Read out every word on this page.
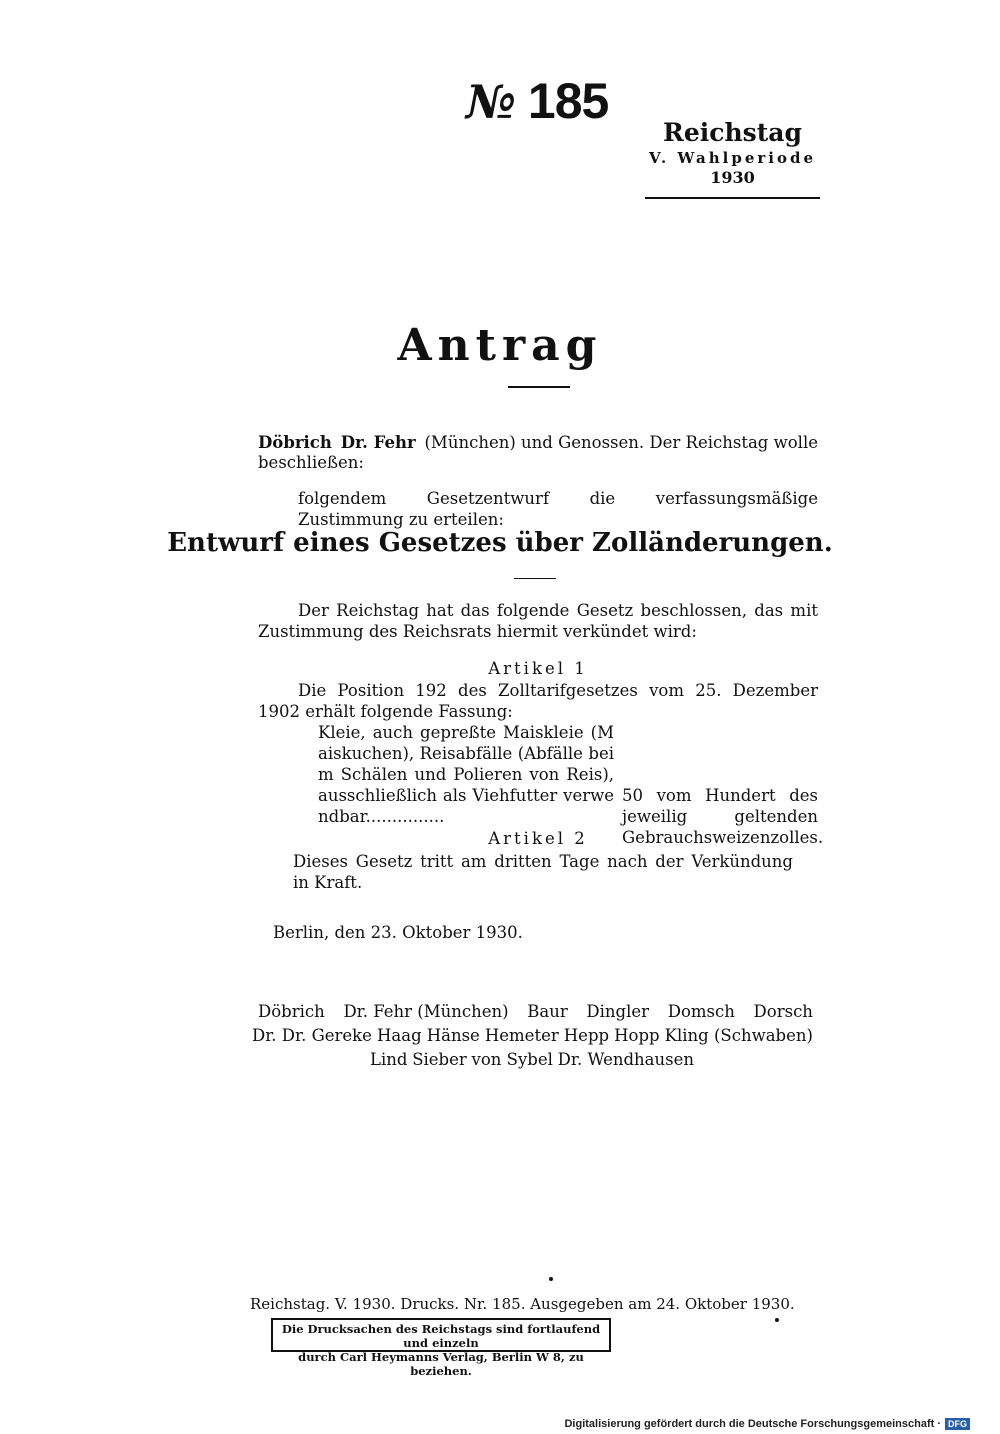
№ 185
Reichstag
V. Wahlperiode
1930
Antrag
Döbrich Dr. Fehr (München) und Genossen. Der Reichstag wolle
beschließen:
folgendem Gesetzentwurf die verfassungsmäßige Zustimmung zu erteilen:
Entwurf eines Gesetzes über Zolländerungen.
Der Reichstag hat das folgende Gesetz beschlossen, das mit Zustimmung des Reichsrats hiermit verkündet wird:
Artikel 1
Die Position 192 des Zolltarifgesetzes vom 25. Dezember 1902 erhält folgende Fassung:
Kleie, auch gepreßte Maiskleie (Maiskuchen), Reisabfälle (Abfälle beim Schälen und Polieren von Reis), ausschließlich als Viehfutter verwendbar...............
50 vom Hundert des jeweilig geltenden Gebrauchsweizenzolles.
Artikel 2
Dieses Gesetz tritt am dritten Tage nach der Verkündung in Kraft.
Berlin, den 23. Oktober 1930.
Döbrich Dr. Fehr (München) Baur Dingler Domsch Dorsch
Dr. Dr. Gereke Haag Hänse Hemeter Hepp Hopp Kling (Schwaben)
Lind Sieber von Sybel Dr. Wendhausen
Reichstag. V. 1930. Drucks. Nr. 185. Ausgegeben am 24. Oktober 1930.
Die Drucksachen des Reichstags sind fortlaufend und einzeln
durch Carl Heymanns Verlag, Berlin W 8, zu beziehen.
Digitalisierung gefördert durch die Deutsche Forschungsgemeinschaft · DFG
